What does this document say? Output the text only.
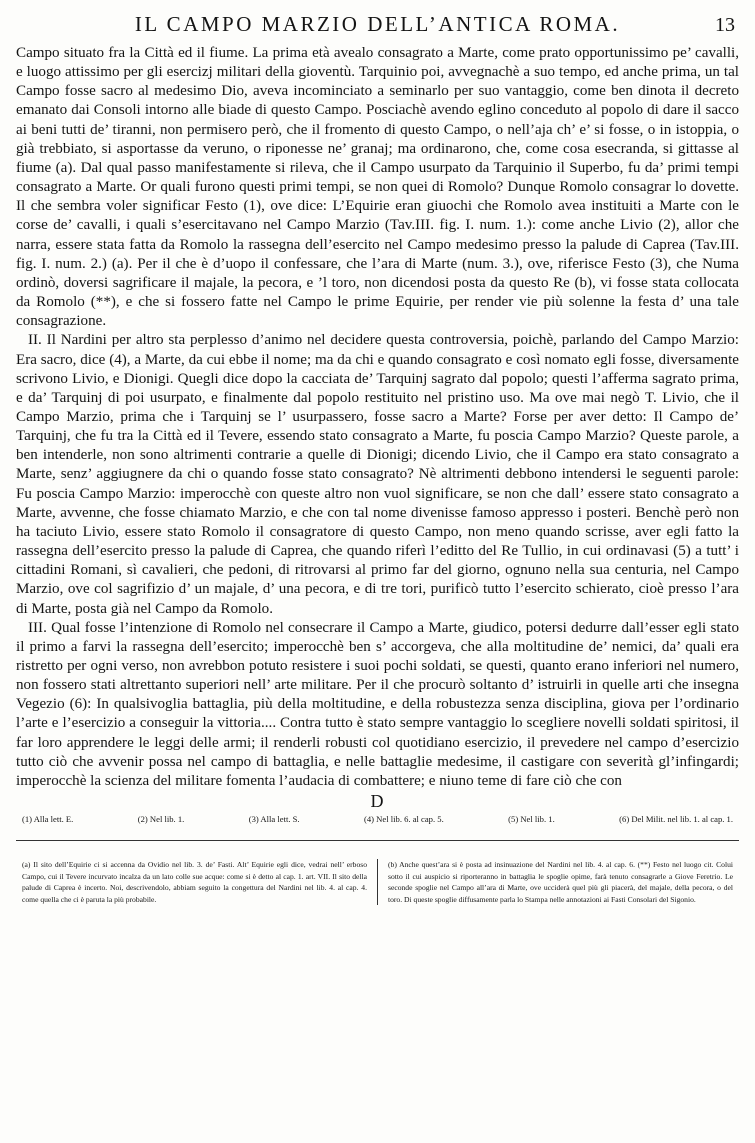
IL CAMPO MARZIO DELL’ANTICA ROMA.	13

Campo situato fra la Città ed il fiume. La prima età avealo consagrato a Marte, come prato opportunissimo pe’ cavalli, e luogo attissimo per gli esercizj militari della gioventù. Tarquinio poi, avvegnachè a suo tempo, ed anche prima, un tal Campo fosse sacro al medesimo Dio, aveva incominciato a seminarlo per suo vantaggio, come ben dinota il decreto emanato dai Consoli intorno alle biade di questo Campo. Posciachè avendo eglino conceduto al popolo di dare il sacco ai beni tutti de’ tiranni, non permisero però, che il fromento di questo Campo, o nell’aja ch’ e’ si fosse, o in istoppia, o già trebbiato, si asportasse da veruno, o riponesse ne’ granaj; ma ordinarono, che, come cosa esecranda, si gittasse al fiume (a). Dal qual passo manifestamente si rileva, che il Campo usurpato da Tarquinio il Superbo, fu da’ primi tempi consagrato a Marte. Or quali furono questi primi tempi, se non quei di Romolo? Dunque Romolo consagrar lo dovette. Il che sembra voler significar Festo (1), ove dice: L’Equirie eran giuochi che Romolo avea instituiti a Marte con le corse de’ cavalli, i quali s’esercitavano nel Campo Marzio (Tav.III. fig. I. num. 1.): come anche Livio (2), allor che narra, essere stata fatta da Romolo la rassegna dell’esercito nel Campo medesimo presso la palude di Caprea (Tav.III. fig. I. num. 2.) (a). Per il che è d’uopo il confessare, che l’ara di Marte (num. 3.), ove, riferisce Festo (3), che Numa ordinò, doversi sagrificare il majale, la pecora, e ’l toro, non dicendosi posta da questo Re (b), vi fosse stata collocata da Romolo (**), e che si fossero fatte nel Campo le prime Equirie, per render vie più solenne la festa d’ una tale consagrazione.

II. Il Nardini per altro sta perplesso d’animo nel decidere questa controversia, poichè, parlando del Campo Marzio: Era sacro, dice (4), a Marte, da cui ebbe il nome; ma da chi e quando consagrato e così nomato egli fosse, diversamente scrivono Livio, e Dionigi. Quegli dice dopo la cacciata de’ Tarquinj sagrato dal popolo; questi l’afferma sagrato prima, e da’ Tarquinj di poi usurpato, e finalmente dal popolo restituito nel pristino uso. Ma ove mai negò T. Livio, che il Campo Marzio, prima che i Tarquinj se l’ usurpassero, fosse sacro a Marte? Forse per aver detto: Il Campo de’ Tarquinj, che fu tra la Città ed il Tevere, essendo stato consagrato a Marte, fu poscia Campo Marzio? Queste parole, a ben intenderle, non sono altrimenti contrarie a quelle di Dionigi; dicendo Livio, che il Campo era stato consagrato a Marte, senz’ aggiugnere da chi o quando fosse stato consagrato? Nè altrimenti debbono intendersi le seguenti parole: Fu poscia Campo Marzio: imperocchè con queste altro non vuol significare, se non che dall’ essere stato consagrato a Marte, avvenne, che fosse chiamato Marzio, e che con tal nome divenisse famoso appresso i posteri. Benchè però non ha taciuto Livio, essere stato Romolo il consagratore di questo Campo, non meno quando scrisse, aver egli fatto la rassegna dell’esercito presso la palude di Caprea, che quando riferì l’editto del Re Tullio, in cui ordinavasi (5) a tutt’ i cittadini Romani, sì cavalieri, che pedoni, di ritrovarsi al primo far del giorno, ognuno nella sua centuria, nel Campo Marzio, ove col sagrifizio d’ un majale, d’ una pecora, e di tre tori, purificò tutto l’esercito schierato, cioè presso l’ara di Marte, posta già nel Campo da Romolo.

III. Qual fosse l’intenzione di Romolo nel consecrare il Campo a Marte, giudico, potersi dedurre dall’esser egli stato il primo a farvi la rassegna dell’esercito; imperocchè ben s’ accorgeva, che alla moltitudine de’ nemici, da’ quali era ristretto per ogni verso, non avrebbon potuto resistere i suoi pochi soldati, se questi, quanto erano inferiori nel numero, non fossero stati altrettanto superiori nell’ arte militare. Per il che procurò soltanto d’ istruirli in quelle arti che insegna Vegezio (6): In qualsivoglia battaglia, più della moltitudine, e della robustezza senza disciplina, giova per l’ordinario l’arte e l’esercizio a conseguir la vittoria.... Contra tutto è stato sempre vantaggio lo scegliere novelli soldati spiritosi, il far loro apprendere le leggi delle armi; il renderli robusti col quotidiano esercizio, il prevedere nel campo d’esercizio tutto ciò che avvenir possa nel campo di battaglia, e nelle battaglie medesime, il castigare con severità gl’infingardi; imperocchè la scienza del militare fomenta l’audacia di combattere; e niuno teme di fare ciò che con

D
(1) Alla lett. E.	(2) Nel lib. 1.	(3) Alla lett. S.	(4) Nel lib. 6. al cap. 5.	(5) Nel lib. 1.	(6) Del Milit. nel lib. 1. al cap. 1.
(a) Il sito dell’Equirie ci si accenna da Ovidio nel lib. 3. de’ Fasti. Alt’ Equirie egli dice, vedrai nell’ erboso Campo, cui il Tevere incurvato incalza da un lato colle sue acque: come si è detto al cap. 1. art. VII. Il sito della palude di Caprea è incerto. Noi, descrivendolo, abbiam seguito la congettura del Nardini nel lib. 4. al cap. 4. come quella che ci è paruta la più probabile.
(b) Anche quest’ara si è posta ad insinuazione del Nardini nel lib. 4. al cap. 6. (**) Festo nel luogo cit. Colui sotto il cui auspicio si riporteranno in battaglia le spoglie opime, farà tenuto consagrarle a Giove Feretrio. Le seconde spoglie nel Campo all’ara di Marte, ove ucciderà quel più gli piacerà, del majale, della pecora, o del toro. Di queste spoglie diffusamente parla lo Stampa nelle annotazioni ai Fasti Consolari del Sigonio.
